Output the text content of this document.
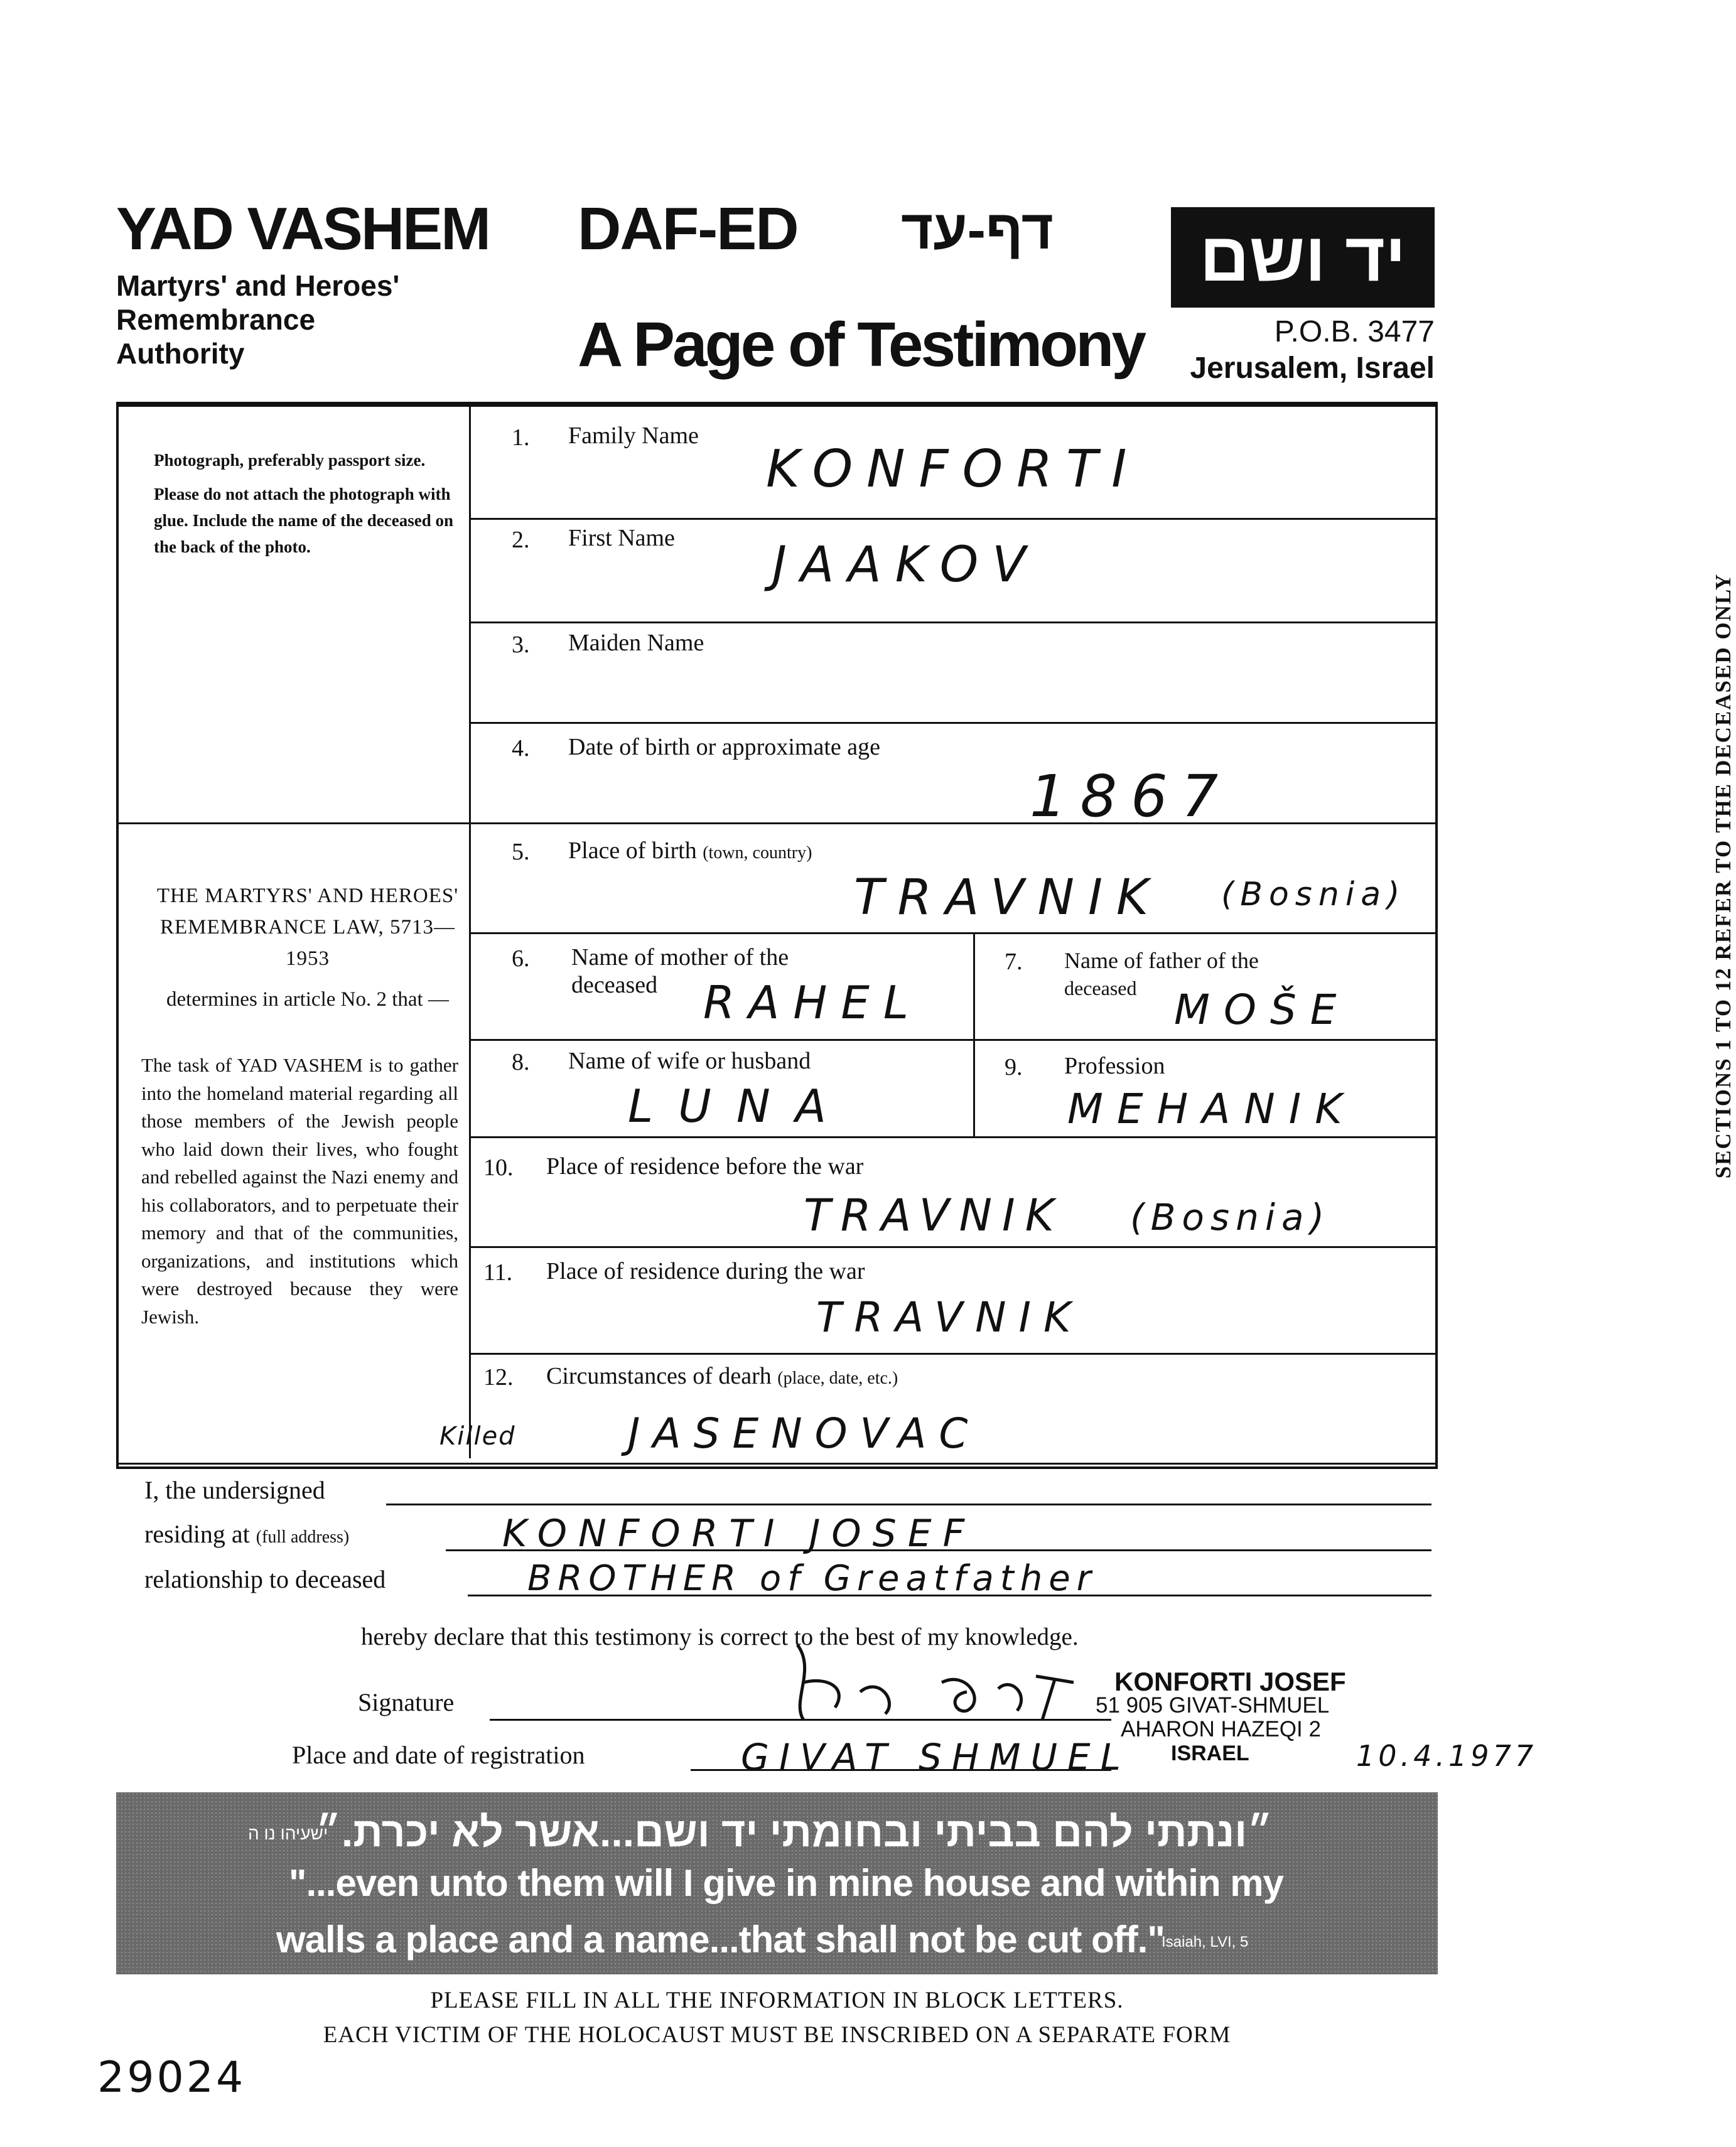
YAD VASHEM
Martyrs' and Heroes' Remembrance Authority
DAF-ED דף-עד
A Page of Testimony
יד ושם
P.O.B. 3477
Jerusalem, Israel
Photograph, preferably passport size.
Please do not attach the photograph with glue. Include the name of the deceased on the back of the photo.
THE MARTYRS' AND HEROES' REMEMBRANCE LAW, 5713—1953
determines in article No. 2 that —
The task of YAD VASHEM is to gather into the homeland material regarding all those members of the Jewish people who laid down their lives, who fought and rebelled against the Nazi enemy and his collaborators, and to perpetuate their memory and that of the communities, organizations, and institutions which were destroyed because they were Jewish.
SECTIONS 1 TO 12 REFER TO THE DECEASED ONLY
1. Family Name
KONFORTI
2. First Name JAAKOV
3. Maiden Name
4. Date of birth or approximate age
1867
5. Place of birth (town, country)
TRAVNIK (Bosnia)
6. Name of mother of the
deceased	RAHEL
7. Name of father of the
deceased MOŠE
8. Name of wife or husband
LUNA
9. Profession
MEHANIK
10. Place of residence before the war
TRAVNIK (Bosnia)
11. Place of residence during the war
TRAVNIK
12. Circumstances of dearh (place, date, etc.)
Killed	JASENOVAC
I, the undersigned
residing at (full address)	KONFORTI JOSEF
relationship to deceased	BROTHER of Greatfather
hereby declare that this testimony is correct to the best of my knowledge.
Signature
Place and date of registration	GIVAT SHMUEL	10.4.1977
KONFORTI JOSEF
51 905 GIVAT-SHMUEL
AHARON HAZEQI 2
ISRAEL
״ונתתי להם בביתי ובחומתי יד ושם...אשר לא יכרת.״
ישעיהו נו ה
"...even unto them will I give in mine house and within my
walls a place and a name...that shall not be cut off."
Isaiah, LVI, 5
PLEASE FILL IN ALL THE INFORMATION IN BLOCK LETTERS.
EACH VICTIM OF THE HOLOCAUST MUST BE INSCRIBED ON A SEPARATE FORM
29024
